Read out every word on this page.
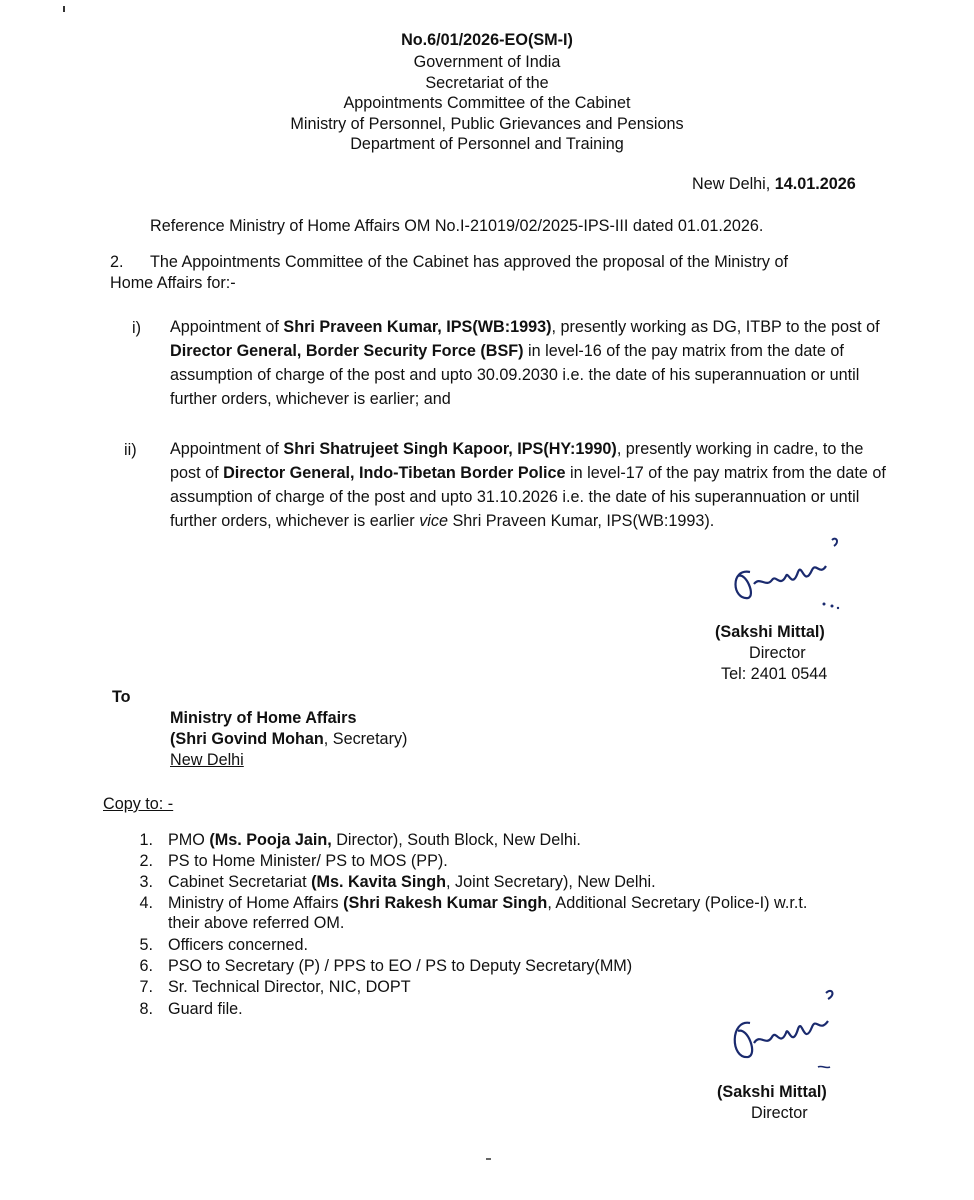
No.6/01/2026-EO(SM-I)
Government of India
Secretariat of the
Appointments Committee of the Cabinet
Ministry of Personnel, Public Grievances and Pensions
Department of Personnel and Training
New Delhi, 14.01.2026
Reference Ministry of Home Affairs OM No.I-21019/02/2025-IPS-III dated 01.01.2026.
2. The Appointments Committee of the Cabinet has approved the proposal of the Ministry of
Home Affairs for:-
i) Appointment of Shri Praveen Kumar, IPS(WB:1993), presently working as DG, ITBP to the post of Director General, Border Security Force (BSF) in level-16 of the pay matrix from the date of assumption of charge of the post and upto 30.09.2030 i.e. the date of his superannuation or until further orders, whichever is earlier; and
ii) Appointment of Shri Shatrujeet Singh Kapoor, IPS(HY:1990), presently working in cadre, to the post of Director General, Indo-Tibetan Border Police in level-17 of the pay matrix from the date of assumption of charge of the post and upto 31.10.2026 i.e. the date of his superannuation or until further orders, whichever is earlier vice Shri Praveen Kumar, IPS(WB:1993).
(Sakshi Mittal)
Director
Tel: 2401 0544
To
Ministry of Home Affairs
(Shri Govind Mohan, Secretary)
New Delhi
Copy to: -
1. PMO (Ms. Pooja Jain, Director), South Block, New Delhi.
2. PS to Home Minister/ PS to MOS (PP).
3. Cabinet Secretariat (Ms. Kavita Singh, Joint Secretary), New Delhi.
4. Ministry of Home Affairs (Shri Rakesh Kumar Singh, Additional Secretary (Police-I) w.r.t.
their above referred OM.
5. Officers concerned.
6. PSO to Secretary (P) / PPS to EO / PS to Deputy Secretary(MM)
7. Sr. Technical Director, NIC, DOPT
8. Guard file.
(Sakshi Mittal)
Director
